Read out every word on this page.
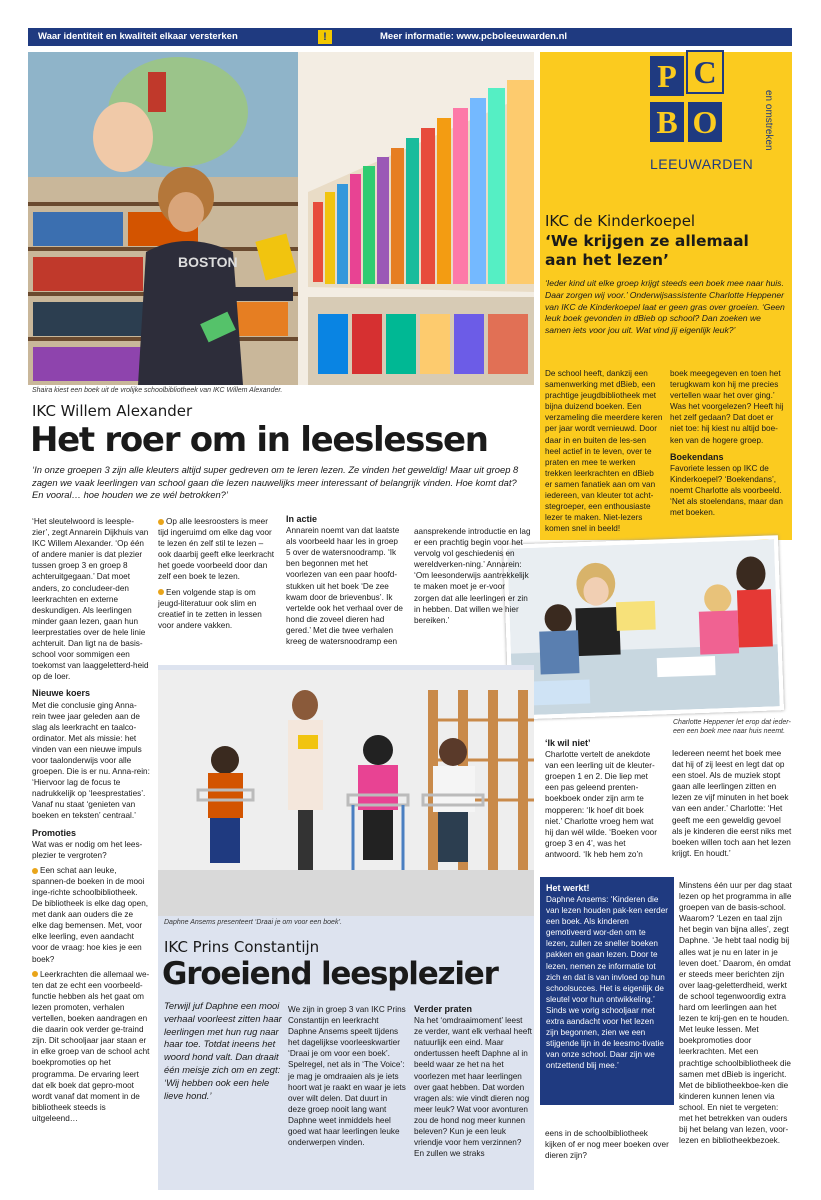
Waar identiteit en kwaliteit elkaar versterken	!	Meer informatie: www.pcboleeuwarden.nl
BOSTON
Shaira kiest een boek uit de vrolijke schoolbibliotheek van IKC Willem Alexander.
P C
B O
LEEUWARDEN
en omstreken
IKC de Kinderkoepel
‘We krijgen ze allemaal aan het lezen’
‘Ieder kind uit elke groep krijgt steeds een boek mee naar huis. Daar zorgen wij voor.’ Onderwijsassistente Charlotte Heppener van IKC de Kinderkoepel laat er geen gras over groeien. ‘Geen leuk boek gevonden in dBieb op school? Dan zoeken we samen iets voor jou uit. Wat vind jij eigenlijk leuk?’

De school heeft, dankzij een samenwerking met dBieb, een prachtige jeugdbibliotheek met bijna duizend boeken. Een verzameling die meerdere keren per jaar wordt vernieuwd. Door daar in en buiten de les-sen heel actief in te leven, over te praten en mee te werken trekken leerkrachten en dBieb er samen fanatiek aan om van iedereen, van kleuter tot acht-stegroeper, een enthousiaste lezer te maken. Niet-lezers komen snel in beeld!

boek meegegeven en toen het terugkwam kon hij me precies vertellen waar het over ging.’ Was het voorgelezen? Heeft hij het zelf gedaan? Dat doet er niet toe: hij kiest nu altijd boe-ken van de hogere groep.

Boekendans

Favoriete lessen op IKC de Kinderkoepel? ‘Boekendans’, noemt Charlotte als voorbeeld. ‘Net als stoelendans, maar dan met boeken.

Charlotte Heppener let erop dat ieder-
een een boek mee naar huis neemt.
IKC Willem Alexander
Het roer om in leeslessen
‘In onze groepen 3 zijn alle kleuters altijd super gedreven om te leren lezen. Ze vinden het geweldig! Maar uit groep 8 zagen we vaak leerlingen van school gaan die lezen nauwelijks meer interessant of belangrijk vinden. Hoe komt dat? En vooral… hoe houden we ze wél betrokken?’

‘Het sleutelwoord is leesple-zier’, zegt Annarein Dijkhuis van IKC Willem Alexander. ‘Op één of andere manier is dat plezier tussen groep 3 en groep 8 achteruitgegaan.’ Dat moet anders, zo concludeer-den leerkrachten en externe deskundigen. Als leerlingen minder gaan lezen, gaan hun leerprestaties over de hele linie achteruit. Dan ligt na de basis-school voor sommigen een toekomst van laaggeletterd-heid op de loer.

Nieuwe koers

Met die conclusie ging Anna-rein twee jaar geleden aan de slag als leerkracht en taalco-ordinator. Met als missie: het vinden van een nieuwe impuls voor taalonderwijs voor alle groepen. Die is er nu. Anna-rein: ‘Hiervoor lag de focus te nadrukkelijk op ‘leesprestaties’. Vanaf nu staat ‘genieten van boeken en teksten’ centraal.’

Promoties

Wat was er nodig om het lees-plezier te vergroten?

Een schat aan leuke, spannen-de boeken in de mooi inge-richte schoolbibliotheek. De bibliotheek is elke dag open, met dank aan ouders die ze elke dag bemensen. Met, voor elke leerling, even aandacht voor de vraag: hoe kies je een boek?

Leerkrachten die allemaal we-ten dat ze echt een voorbeeld-functie hebben als het gaat om lezen promoten, verhalen vertellen, boeken aandragen en die daarin ook verder ge-traind zijn. Dit schooljaar jaar staan er in elke groep van de school acht boekpromoties op het programma. De ervaring leert dat elk boek dat gepro-moot wordt vanaf dat moment in de bibliotheek steeds is uitgeleend…

Op alle leesroosters is meer tijd ingeruimd om elke dag voor te lezen én zelf stil te lezen – ook daarbij geeft elke leerkracht het goede voorbeeld door dan zelf een boek te lezen.

Een volgende stap is om jeugd-literatuur ook slim en creatief in te zetten in lessen voor andere vakken.

In actie

Annarein noemt van dat laatste als voorbeeld haar les in groep 5 over de watersnoodramp. ‘Ik ben begonnen met het voorlezen van een paar hoofd-stukken uit het boek ‘De zee kwam door de brievenbus’. Ik vertelde ook het verhaal over de hond die zoveel dieren had gered.’ Met die twee verhalen kreeg de watersnoodramp een

aansprekende introductie en lag er een prachtig begin voor het vervolg vol geschiedenis en wereldverken-ning.’ Annarein: ‘Om leesonderwijs aantrekkelijk te maken moet je er-voor zorgen dat alle leerlingen er zin in hebben. Dat willen we hier bereiken.’

Daphne Ansems presenteert ‘Draai je om voor een boek’.
IKC Prins Constantijn
Groeiend leesplezier
Terwijl juf Daphne een mooi verhaal voorleest zitten haar leerlingen met hun rug naar haar toe. Totdat ineens het woord hond valt. Dan draait één meisje zich om en zegt: ‘Wij hebben ook een hele lieve hond.’

We zijn in groep 3 van IKC Prins Constantijn en leerkracht Daphne Ansems speelt tijdens het dagelijkse voorleeskwartier ‘Draai je om voor een boek’. Spelregel, net als in ‘The Voice’: je mag je omdraaien als je iets hoort wat je raakt en waar je iets over wilt delen. Dat duurt in deze groep nooit lang want Daphne weet inmiddels heel goed wat haar leerlingen leuke onderwerpen vinden.

Verder praten

Na het ‘omdraaimoment’ leest ze verder, want elk verhaal heeft natuurlijk een eind. Maar ondertussen heeft Daphne al in beeld waar ze het na het voorlezen met haar leerlingen over gaat hebben. Dat worden vragen als: wie vindt dieren nog meer leuk? Wat voor avonturen zou de hond nog meer kunnen beleven? Kun je een leuk vriendje voor hem verzinnen? En zullen we straks

‘Ik wil niet’

Charlotte vertelt de anekdote van een leerling uit de kleuter-groepen 1 en 2. Die liep met een pas geleend prenten-boekboek onder zijn arm te mopperen: ‘Ik hoef dit boek niet.’ Charlotte vroeg hem wat hij dan wél wilde. ‘Boeken voor groep 3 en 4’, was het antwoord. ‘Ik heb hem zo’n

Iedereen neemt het boek mee dat hij of zij leest en legt dat op een stoel. Als de muziek stopt gaan alle leerlingen zitten en lezen ze vijf minuten in het boek van een ander.’ Charlotte: ‘Het geeft me een geweldig gevoel als je kinderen die eerst niks met boeken willen toch aan het lezen krijgt. En houdt.’

Het werkt!
Daphne Ansems: ‘Kinderen die van lezen houden pak-ken eerder een boek. Als kinderen gemotiveerd wor-den om te lezen, zullen ze sneller boeken pakken en gaan lezen. Door te lezen, nemen ze informatie tot zich en dat is van invloed op hun schoolsucces. Het is eigenlijk de sleutel voor hun ontwikkeling.’ Sinds we vorig schooljaar met extra aandacht voor het lezen zijn begonnen, zien we een stijgende lijn in de leesmo-tivatie van onze school. Daar zijn we ontzettend blij mee.’

eens in de schoolbibliotheek kijken of er nog meer boeken over dieren zijn?

Minstens één uur per dag staat lezen op het programma in alle groepen van de basis-school. Waarom? ‘Lezen en taal zijn het begin van bijna alles’, zegt Daphne. ‘Je hebt taal nodig bij alles wat je nu en later in je leven doet.’ Daarom, én omdat er steeds meer berichten zijn over laag-geletterdheid, werkt de school tegenwoordig extra hard om leerlingen aan het lezen te krij-gen en te houden. Met leuke lessen. Met boekpromoties door leerkrachten. Met een prachtige schoolbibliotheek die samen met dBieb is ingericht. Met de bibliotheekboe-ken die kinderen kunnen lenen via school. En niet te vergeten: met het betrekken van ouders bij het belang van lezen, voor-lezen en bibliotheekbezoek.
